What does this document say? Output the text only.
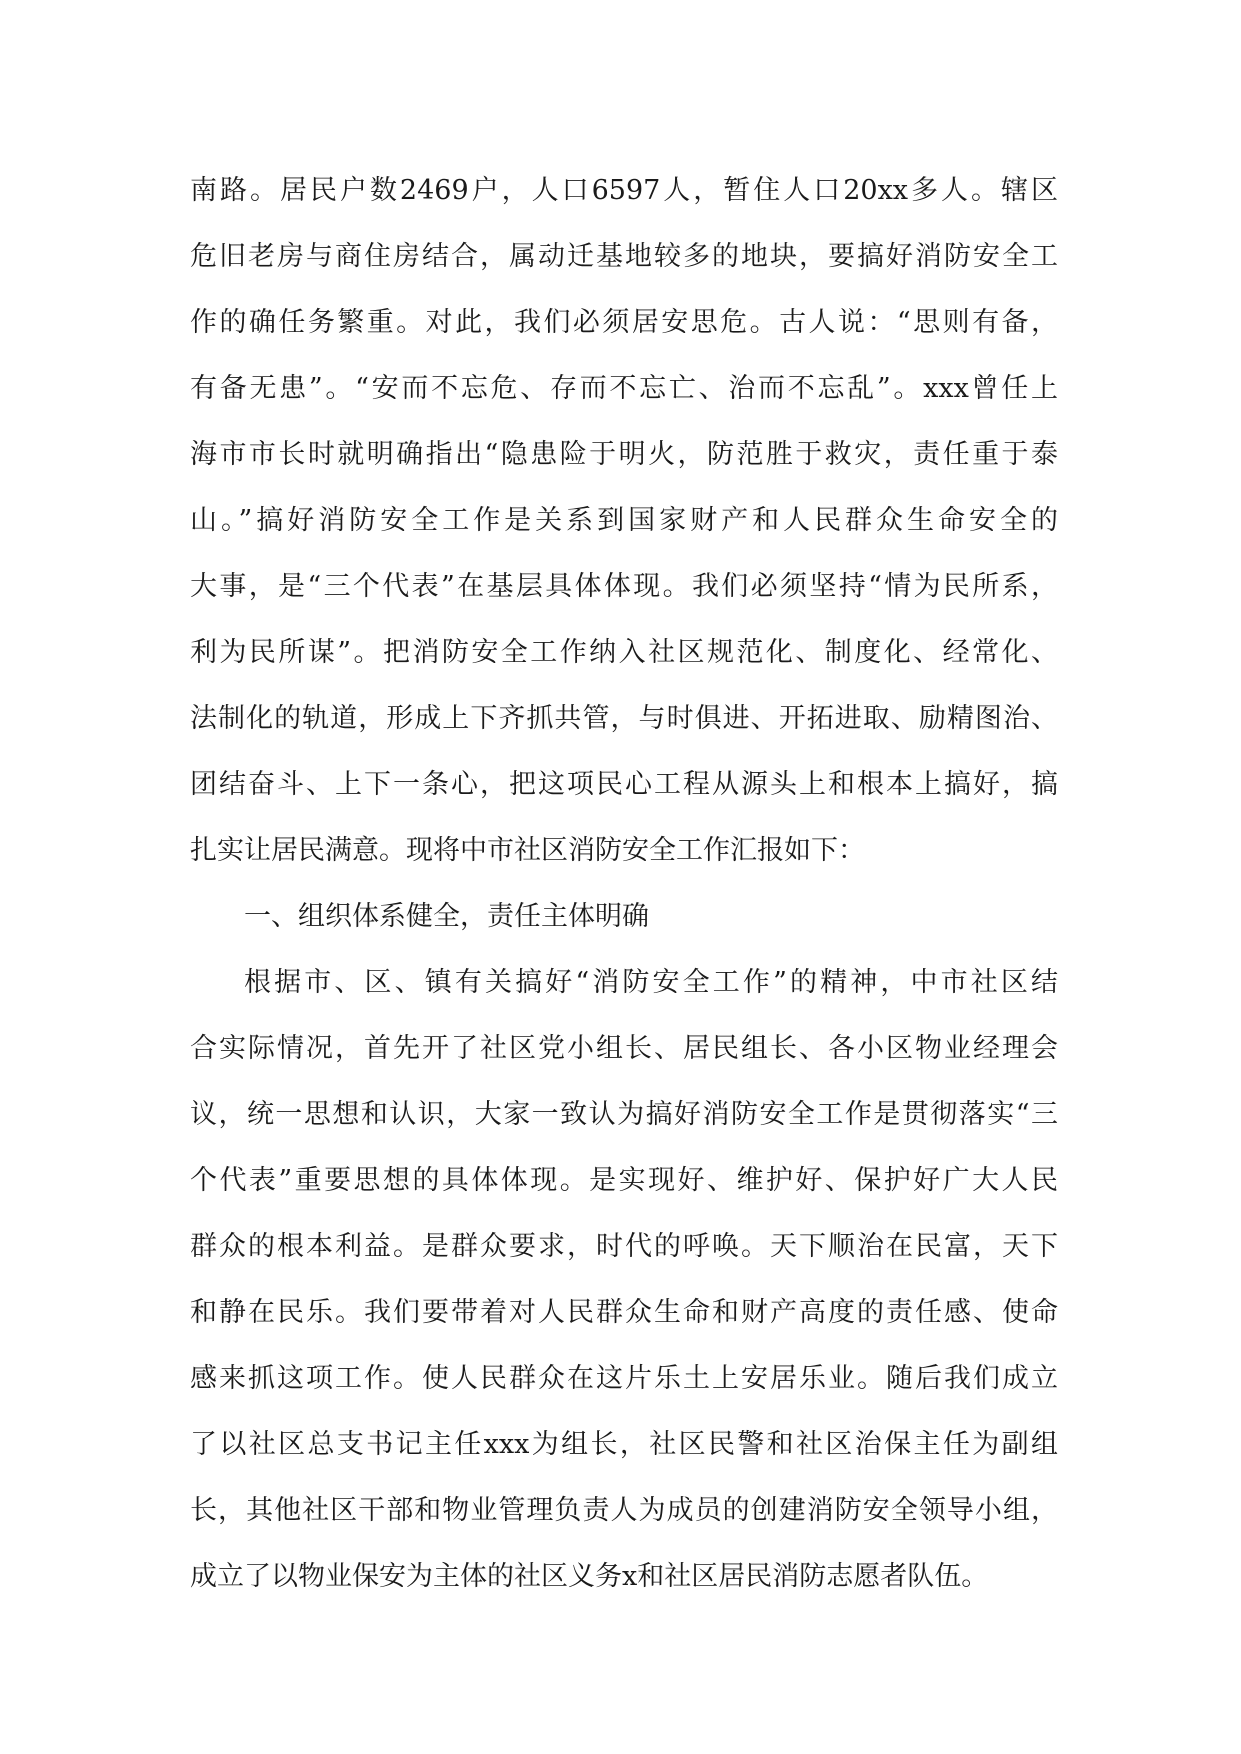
南路。居民户数2469户，人口6597人，暂住人口20xx多人。辖区
危旧老房与商住房结合，属动迁基地较多的地块，要搞好消防安全工
作的确任务繁重。对此，我们必须居安思危。古人说：“思则有备，
有备无患”。“安而不忘危、存而不忘亡、治而不忘乱”。xxx曾任上
海市市长时就明确指出“隐患险于明火，防范胜于救灾，责任重于泰
山。”搞好消防安全工作是关系到国家财产和人民群众生命安全的
大事，是“三个代表”在基层具体体现。我们必须坚持“情为民所系，
利为民所谋”。把消防安全工作纳入社区规范化、制度化、经常化、
法制化的轨道，形成上下齐抓共管，与时俱进、开拓进取、励精图治、
团结奋斗、上下一条心，把这项民心工程从源头上和根本上搞好，搞
扎实让居民满意。现将中市社区消防安全工作汇报如下：
一、组织体系健全，责任主体明确
根据市、区、镇有关搞好“消防安全工作”的精神，中市社区结
合实际情况，首先开了社区党小组长、居民组长、各小区物业经理会
议，统一思想和认识，大家一致认为搞好消防安全工作是贯彻落实“三
个代表”重要思想的具体体现。是实现好、维护好、保护好广大人民
群众的根本利益。是群众要求，时代的呼唤。天下顺治在民富，天下
和静在民乐。我们要带着对人民群众生命和财产高度的责任感、使命
感来抓这项工作。使人民群众在这片乐土上安居乐业。随后我们成立
了以社区总支书记主任xxx为组长，社区民警和社区治保主任为副组
长，其他社区干部和物业管理负责人为成员的创建消防安全领导小组，
成立了以物业保安为主体的社区义务x和社区居民消防志愿者队伍。
